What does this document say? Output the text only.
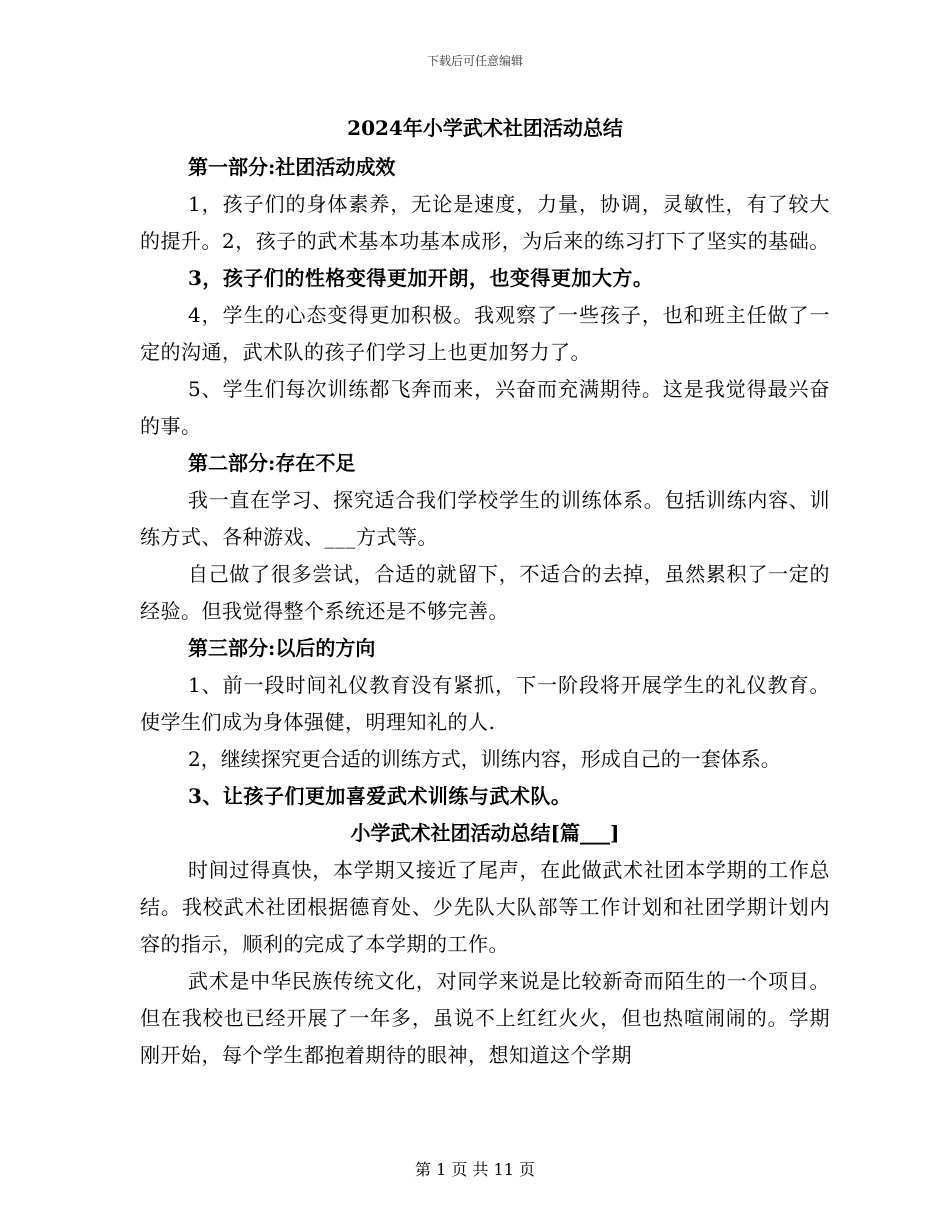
下载后可任意编辑
2024年小学武术社团活动总结
第一部分:社团活动成效

1，孩子们的身体素养，无论是速度，力量，协调，灵敏性，有了较大的提升。2，孩子的武术基本功基本成形，为后来的练习打下了坚实的基础。

3，孩子们的性格变得更加开朗，也变得更加大方。

4，学生的心态变得更加积极。我观察了一些孩子，也和班主任做了一定的沟通，武术队的孩子们学习上也更加努力了。

5、学生们每次训练都飞奔而来，兴奋而充满期待。这是我觉得最兴奋的事。

第二部分:存在不足

我一直在学习、探究适合我们学校学生的训练体系。包括训练内容、训练方式、各种游戏、___方式等。

自己做了很多尝试，合适的就留下，不适合的去掉，虽然累积了一定的经验。但我觉得整个系统还是不够完善。

第三部分:以后的方向

1、前一段时间礼仪教育没有紧抓，下一阶段将开展学生的礼仪教育。使学生们成为身体强健，明理知礼的人.

2，继续探究更合适的训练方式，训练内容，形成自己的一套体系。

3、让孩子们更加喜爱武术训练与武术队。

小学武术社团活动总结[篇___]

时间过得真快，本学期又接近了尾声，在此做武术社团本学期的工作总结。我校武术社团根据德育处、少先队大队部等工作计划和社团学期计划内容的指示，顺利的完成了本学期的工作。

武术是中华民族传统文化，对同学来说是比较新奇而陌生的一个项目。但在我校也已经开展了一年多，虽说不上红红火火，但也热喧闹闹的。学期刚开始，每个学生都抱着期待的眼神，想知道这个学期

第 1 页 共 11 页
